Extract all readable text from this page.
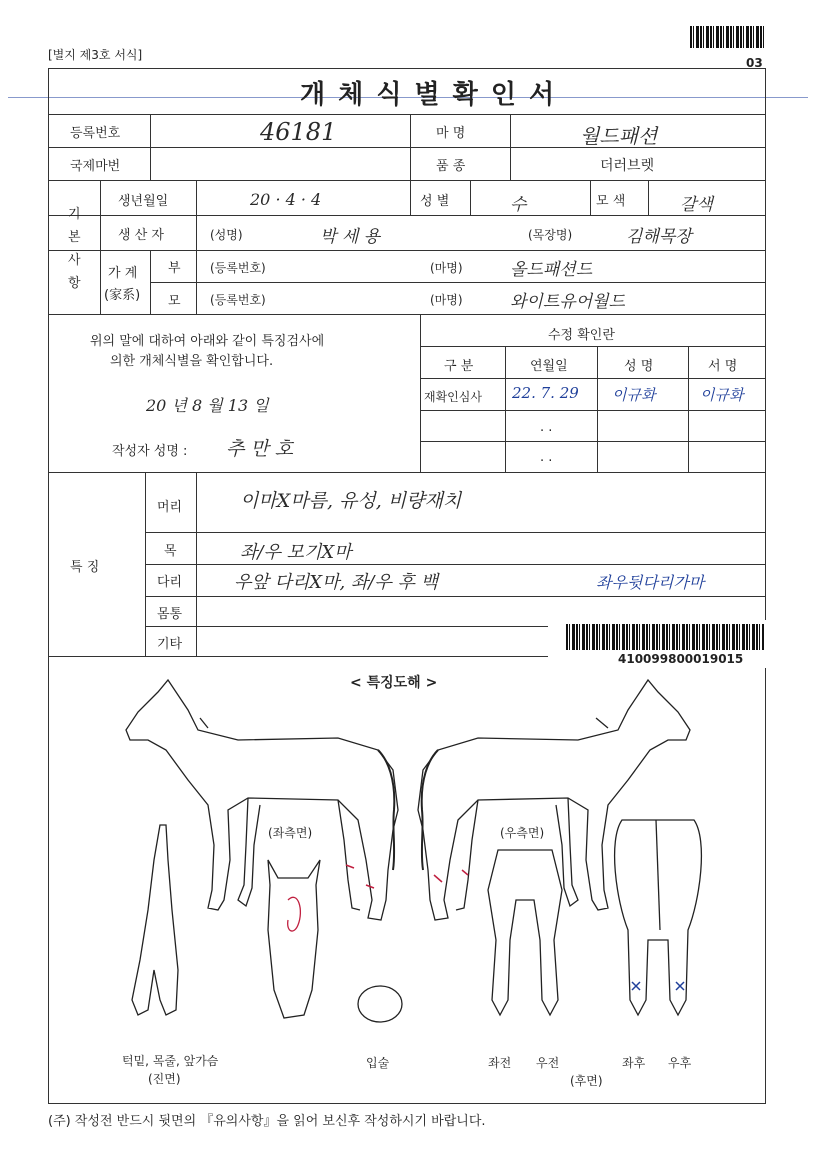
[별지 제3호 서식]
03
개 체 식 별 확 인 서
등록번호	46181
국제마번
마 명	월드패션
품 종	더러브렛
기
본
사
항
생년월일	20 · 4 · 4	성 별	수	모 색	갈색
생 산 자	(성명)	박 세 용	(목장명)	김해목장
가 계
(家系)
부 (등록번호)	(마명)	올드패션드
모 (등록번호)	(마명)	와이트유어월드
위의 말에 대하여 아래와 같이 특징검사에
의한 개체식별을 확인합니다.
20 년 8 월 13 일
작성자 성명 : 추 만 호
수정 확인란
구 분	연월일	성 명	서 명
재확인심사 22. 7. 29 이규화	이규화
. .
. .
특 징
머리	이마X마름, 유성, 비량재치
목	좌/우 모기X마
다리	우앞 다리X마, 좌/우 후 백	좌우뒷다리가마
몸통
기타
410099800019015
< 특징도해 >
(좌측면)	(우측면)
턱밑, 목줄, 앞가슴
(진면)
입술	좌전 우전	좌후 우후
(후면)
(주) 작성전 반드시 뒷면의 『유의사항』을 읽어 보신후 작성하시기 바랍니다.
